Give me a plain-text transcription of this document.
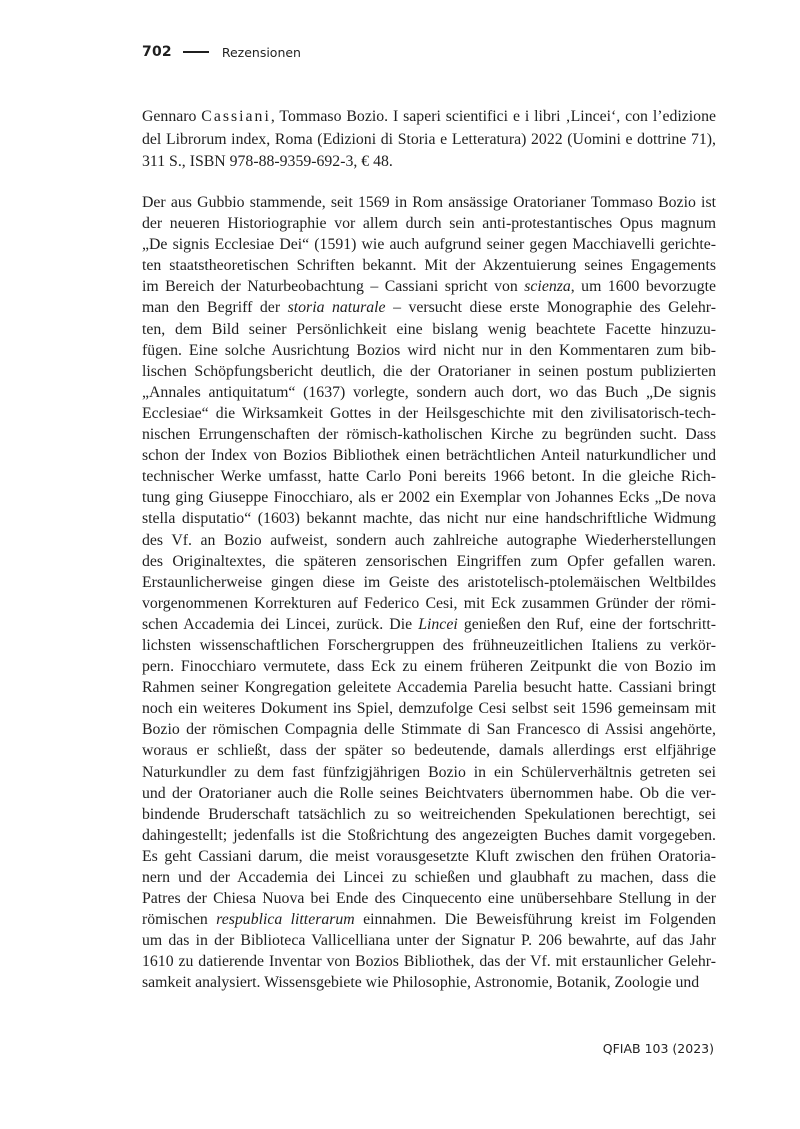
702	Rezensionen
Gennaro Cassiani, Tommaso Bozio. I saperi scientifici e i libri ‚Lincei‘, con l’edizione
del Librorum index, Roma (Edizioni di Storia e Letteratura) 2022 (Uomini e dottrine 71),
311 S., ISBN 978-88-9359-692-3, € 48.
Der aus Gubbio stammende, seit 1569 in Rom ansässige Oratorianer Tommaso Bozio ist
der neueren Historiographie vor allem durch sein anti-protestantisches Opus magnum
„De signis Ecclesiae Dei“ (1591) wie auch aufgrund seiner gegen Macchiavelli gerichte-
ten staatstheoretischen Schriften bekannt. Mit der Akzentuierung seines Engagements
im Bereich der Naturbeobachtung – Cassiani spricht von scienza, um 1600 bevorzugte
man den Begriff der storia naturale – versucht diese erste Monographie des Gelehr-
ten, dem Bild seiner Persönlichkeit eine bislang wenig beachtete Facette hinzuzu-
fügen. Eine solche Ausrichtung Bozios wird nicht nur in den Kommentaren zum bib-
lischen Schöpfungsbericht deutlich, die der Oratorianer in seinen postum publizierten
„Annales antiquitatum“ (1637) vorlegte, sondern auch dort, wo das Buch „De signis
Ecclesiae“ die Wirksamkeit Gottes in der Heilsgeschichte mit den zivilisatorisch-tech-
nischen Errungenschaften der römisch-katholischen Kirche zu begründen sucht. Dass
schon der Index von Bozios Bibliothek einen beträchtlichen Anteil naturkundlicher und
technischer Werke umfasst, hatte Carlo Poni bereits 1966 betont. In die gleiche Rich-
tung ging Giuseppe Finocchiaro, als er 2002 ein Exemplar von Johannes Ecks „De nova
stella disputatio“ (1603) bekannt machte, das nicht nur eine handschriftliche Widmung
des Vf. an Bozio aufweist, sondern auch zahlreiche autographe Wiederherstellungen
des Originaltextes, die späteren zensorischen Eingriffen zum Opfer gefallen waren.
Erstaunlicherweise gingen diese im Geiste des aristotelisch-ptolemäischen Weltbildes
vorgenommenen Korrekturen auf Federico Cesi, mit Eck zusammen Gründer der römi-
schen Accademia dei Lincei, zurück. Die Lincei genießen den Ruf, eine der fortschritt-
lichsten wissenschaftlichen Forschergruppen des frühneuzeitlichen Italiens zu verkör-
pern. Finocchiaro vermutete, dass Eck zu einem früheren Zeitpunkt die von Bozio im
Rahmen seiner Kongregation geleitete Accademia Parelia besucht hatte. Cassiani bringt
noch ein weiteres Dokument ins Spiel, demzufolge Cesi selbst seit 1596 gemeinsam mit
Bozio der römischen Compagnia delle Stimmate di San Francesco di Assisi angehörte,
woraus er schließt, dass der später so bedeutende, damals allerdings erst elfjährige
Naturkundler zu dem fast fünfzigjährigen Bozio in ein Schülerverhältnis getreten sei
und der Oratorianer auch die Rolle seines Beichtvaters übernommen habe. Ob die ver-
bindende Bruderschaft tatsächlich zu so weitreichenden Spekulationen berechtigt, sei
dahingestellt; jedenfalls ist die Stoßrichtung des angezeigten Buches damit vorgegeben.
Es geht Cassiani darum, die meist vorausgesetzte Kluft zwischen den frühen Oratoria-
nern und der Accademia dei Lincei zu schießen und glaubhaft zu machen, dass die
Patres der Chiesa Nuova bei Ende des Cinquecento eine unübersehbare Stellung in der
römischen respublica litterarum einnahmen. Die Beweisführung kreist im Folgenden
um das in der Biblioteca Vallicelliana unter der Signatur P. 206 bewahrte, auf das Jahr
1610 zu datierende Inventar von Bozios Bibliothek, das der Vf. mit erstaunlicher Gelehr-
samkeit analysiert. Wissensgebiete wie Philosophie, Astronomie, Botanik, Zoologie und
QFIAB 103 (2023)
